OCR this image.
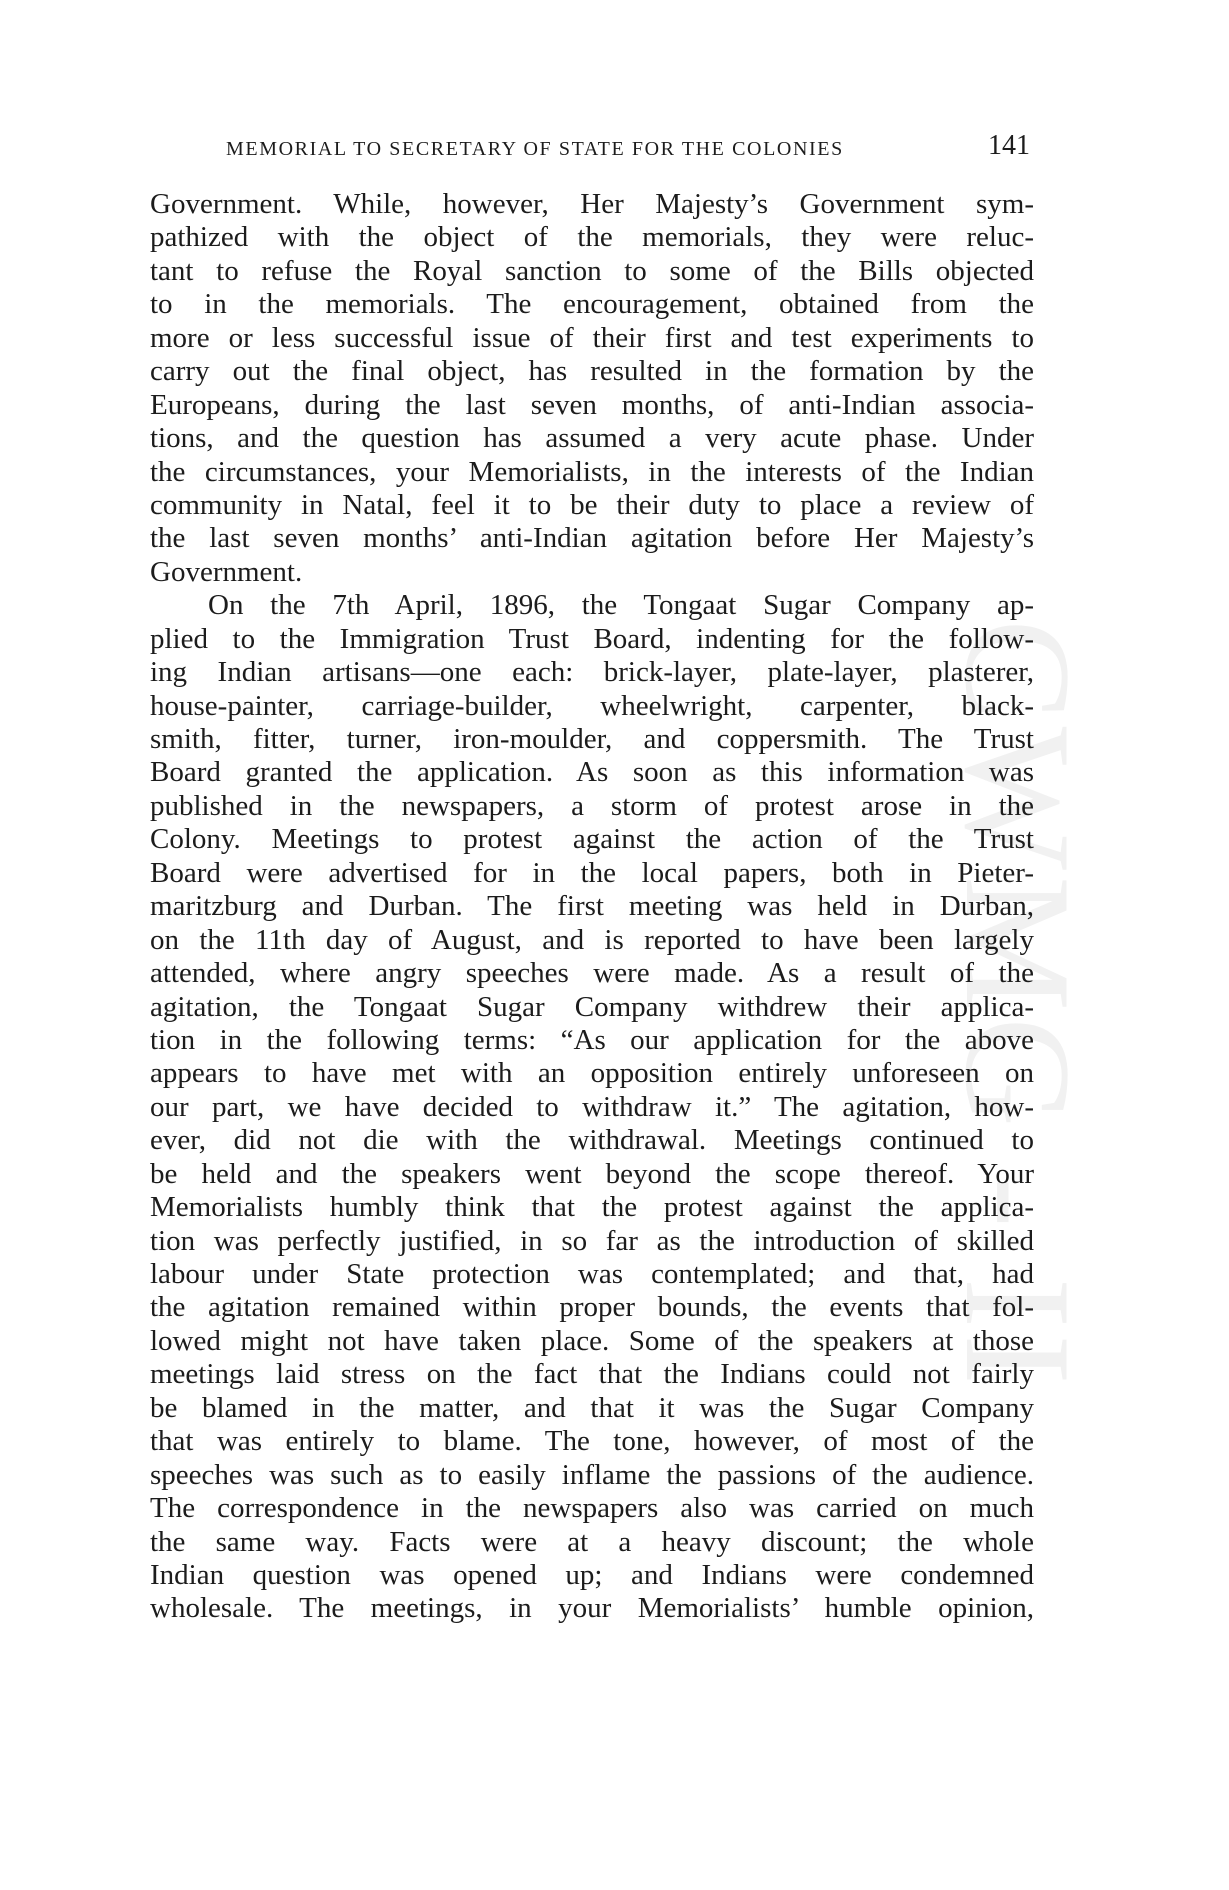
CWMG - II
MEMORIAL TO SECRETARY OF STATE FOR THE COLONIES	141
Government. While, however, Her Majesty’s Government sym-
pathized with the object of the memorials, they were reluc-
tant to refuse the Royal sanction to some of the Bills objected
to in the memorials. The encouragement, obtained from the
more or less successful issue of their first and test experiments to
carry out the final object, has resulted in the formation by the
Europeans, during the last seven months, of anti-Indian associa-
tions, and the question has assumed a very acute phase. Under
the circumstances, your Memorialists, in the interests of the Indian
community in Natal, feel it to be their duty to place a review of
the last seven months’ anti-Indian agitation before Her Majesty’s
Government.
On the 7th April, 1896, the Tongaat Sugar Company ap-
plied to the Immigration Trust Board, indenting for the follow-
ing Indian artisans—one each: brick-layer, plate-layer, plasterer,
house-painter, carriage-builder, wheelwright, carpenter, black-
smith, fitter, turner, iron-moulder, and coppersmith. The Trust
Board granted the application. As soon as this information was
published in the newspapers, a storm of protest arose in the
Colony. Meetings to protest against the action of the Trust
Board were advertised for in the local papers, both in Pieter-
maritzburg and Durban. The first meeting was held in Durban,
on the 11th day of August, and is reported to have been largely
attended, where angry speeches were made. As a result of the
agitation, the Tongaat Sugar Company withdrew their applica-
tion in the following terms: “As our application for the above
appears to have met with an opposition entirely unforeseen on
our part, we have decided to withdraw it.” The agitation, how-
ever, did not die with the withdrawal. Meetings continued to
be held and the speakers went beyond the scope thereof. Your
Memorialists humbly think that the protest against the applica-
tion was perfectly justified, in so far as the introduction of skilled
labour under State protection was contemplated; and that, had
the agitation remained within proper bounds, the events that fol-
lowed might not have taken place. Some of the speakers at those
meetings laid stress on the fact that the Indians could not fairly
be blamed in the matter, and that it was the Sugar Company
that was entirely to blame. The tone, however, of most of the
speeches was such as to easily inflame the passions of the audience.
The correspondence in the newspapers also was carried on much
the same way. Facts were at a heavy discount; the whole
Indian question was opened up; and Indians were condemned
wholesale. The meetings, in your Memorialists’ humble opinion,
